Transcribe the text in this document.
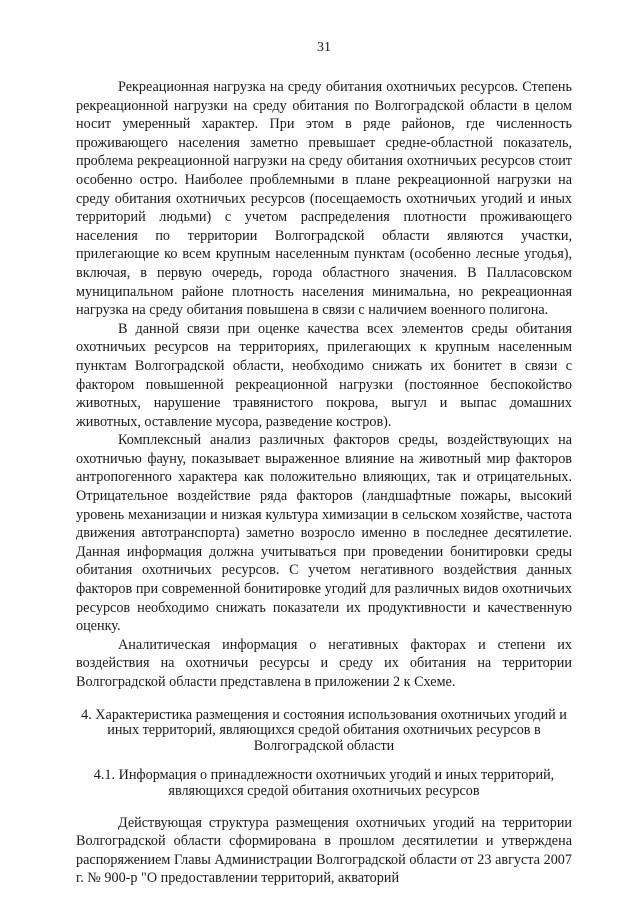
31

Рекреационная нагрузка на среду обитания охотничьих ресурсов. Степень рекреационной нагрузки на среду обитания по Волгоградской области в целом носит умеренный характер. При этом в ряде районов, где численность проживающего населения заметно превышает средне-областной показатель, проблема рекреационной нагрузки на среду обитания охотничьих ресурсов стоит особенно остро. Наиболее проблемными в плане рекреационной нагрузки на среду обитания охотничьих ресурсов (посещаемость охотничьих угодий и иных территорий людьми) с учетом распределения плотности проживающего населения по территории Волгоградской области являются участки, прилегающие ко всем крупным населенным пунктам (особенно лесные угодья), включая, в первую очередь, города областного значения. В Палласовском муниципальном районе плотность населения минимальна, но рекреационная нагрузка на среду обитания повышена в связи с наличием военного полигона.

В данной связи при оценке качества всех элементов среды обитания охотничьих ресурсов на территориях, прилегающих к крупным населенным пунктам Волгоградской области, необходимо снижать их бонитет в связи с фактором повышенной рекреационной нагрузки (постоянное беспокойство животных, нарушение травянистого покрова, выгул и выпас домашних животных, оставление мусора, разведение костров).

Комплексный анализ различных факторов среды, воздействующих на охотничью фауну, показывает выраженное влияние на животный мир факторов антропогенного характера как положительно влияющих, так и отрицательных. Отрицательное воздействие ряда факторов (ландшафтные пожары, высокий уровень механизации и низкая культура химизации в сельском хозяйстве, частота движения автотранспорта) заметно возросло именно в последнее десятилетие. Данная информация должна учитываться при проведении бонитировки среды обитания охотничьих ресурсов. С учетом негативного воздействия данных факторов при современной бонитировке угодий для различных видов охотничьих ресурсов необходимо снижать показатели их продуктивности и качественную оценку.

Аналитическая информация о негативных факторах и степени их воздействия на охотничьи ресурсы и среду их обитания на территории Волгоградской области представлена в приложении 2 к Схеме.

4. Характеристика размещения и состояния использования охотничьих угодий и иных территорий, являющихся средой обитания охотничьих ресурсов в Волгоградской области
4.1. Информация о принадлежности охотничьих угодий и иных территорий, являющихся средой обитания охотничьих ресурсов

Действующая структура размещения охотничьих угодий на территории Волгоградской области сформирована в прошлом десятилетии и утверждена распоряжением Главы Администрации Волгоградской области от 23 августа 2007 г. № 900-р "О предоставлении территорий, акваторий
